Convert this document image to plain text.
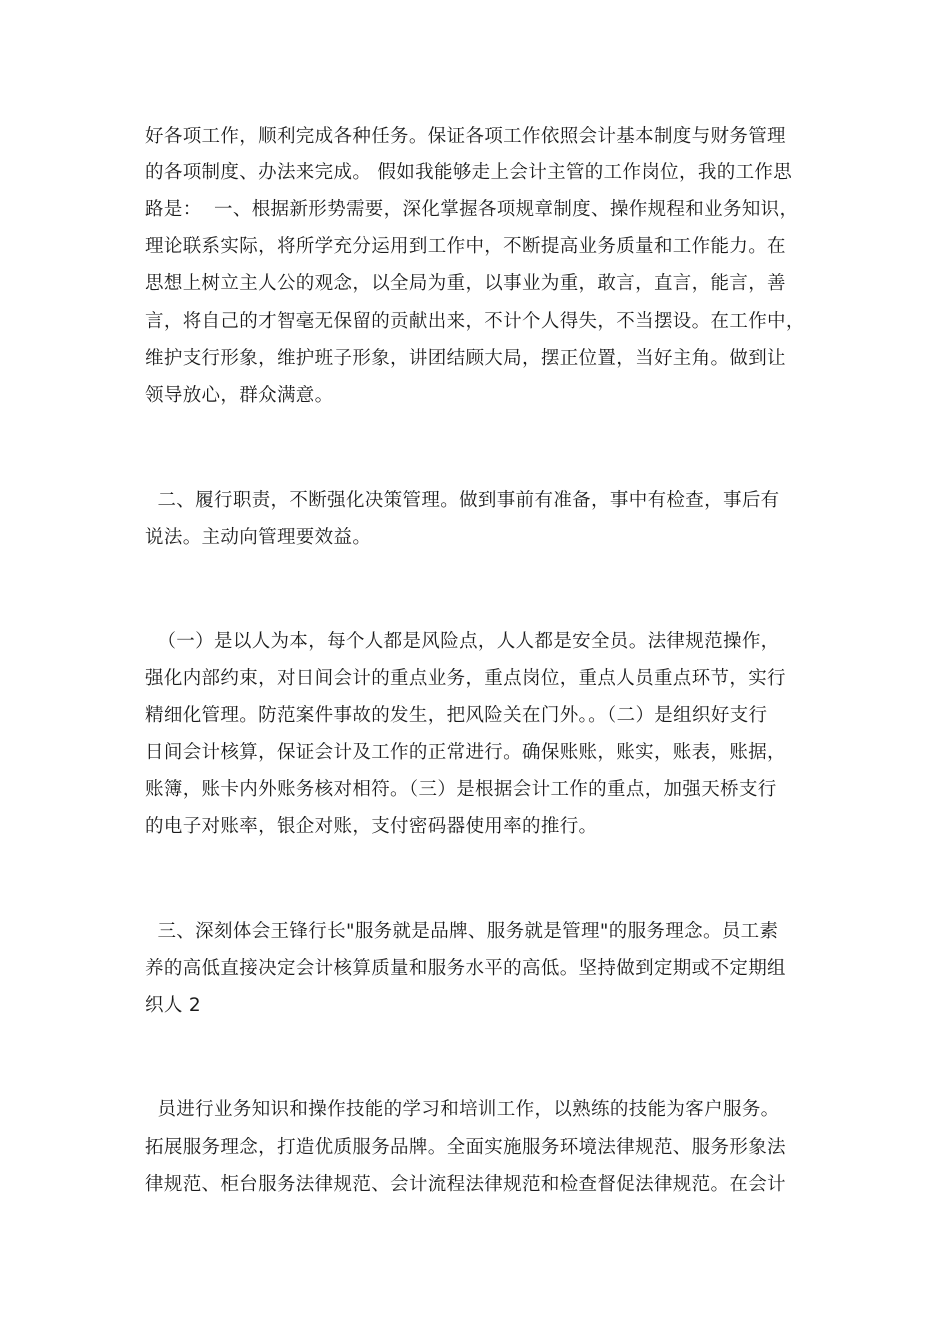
好各项工作，顺利完成各种任务。保证各项工作依照会计基本制度与财务管理
的各项制度、办法来完成。 假如我能够走上会计主管的工作岗位，我的工作思
路是：  一、根据新形势需要，深化掌握各项规章制度、操作规程和业务知识，
理论联系实际，将所学充分运用到工作中，不断提高业务质量和工作能力。在
思想上树立主人公的观念，以全局为重，以事业为重，敢言，直言，能言，善
言，将自己的才智毫无保留的贡献出来，不计个人得失，不当摆设。在工作中，
维护支行形象，维护班子形象，讲团结顾大局，摆正位置，当好主角。做到让
领导放心，群众满意。
二、履行职责，不断强化决策管理。做到事前有准备，事中有检查，事后有
说法。主动向管理要效益。
（一）是以人为本，每个人都是风险点，人人都是安全员。法律规范操作，
强化内部约束，对日间会计的重点业务，重点岗位，重点人员重点环节，实行
精细化管理。防范案件事故的发生，把风险关在门外。。（二）是组织好支行
日间会计核算，保证会计及工作的正常进行。确保账账，账实，账表，账据，
账簿，账卡内外账务核对相符。（三）是根据会计工作的重点，加强天桥支行
的电子对账率，银企对账，支付密码器使用率的推行。
三、深刻体会王锋行长"服务就是品牌、服务就是管理"的服务理念。员工素
养的高低直接决定会计核算质量和服务水平的高低。坚持做到定期或不定期组
织人 2
员进行业务知识和操作技能的学习和培训工作，以熟练的技能为客户服务。
拓展服务理念，打造优质服务品牌。全面实施服务环境法律规范、服务形象法
律规范、柜台服务法律规范、会计流程法律规范和检查督促法律规范。在会计
